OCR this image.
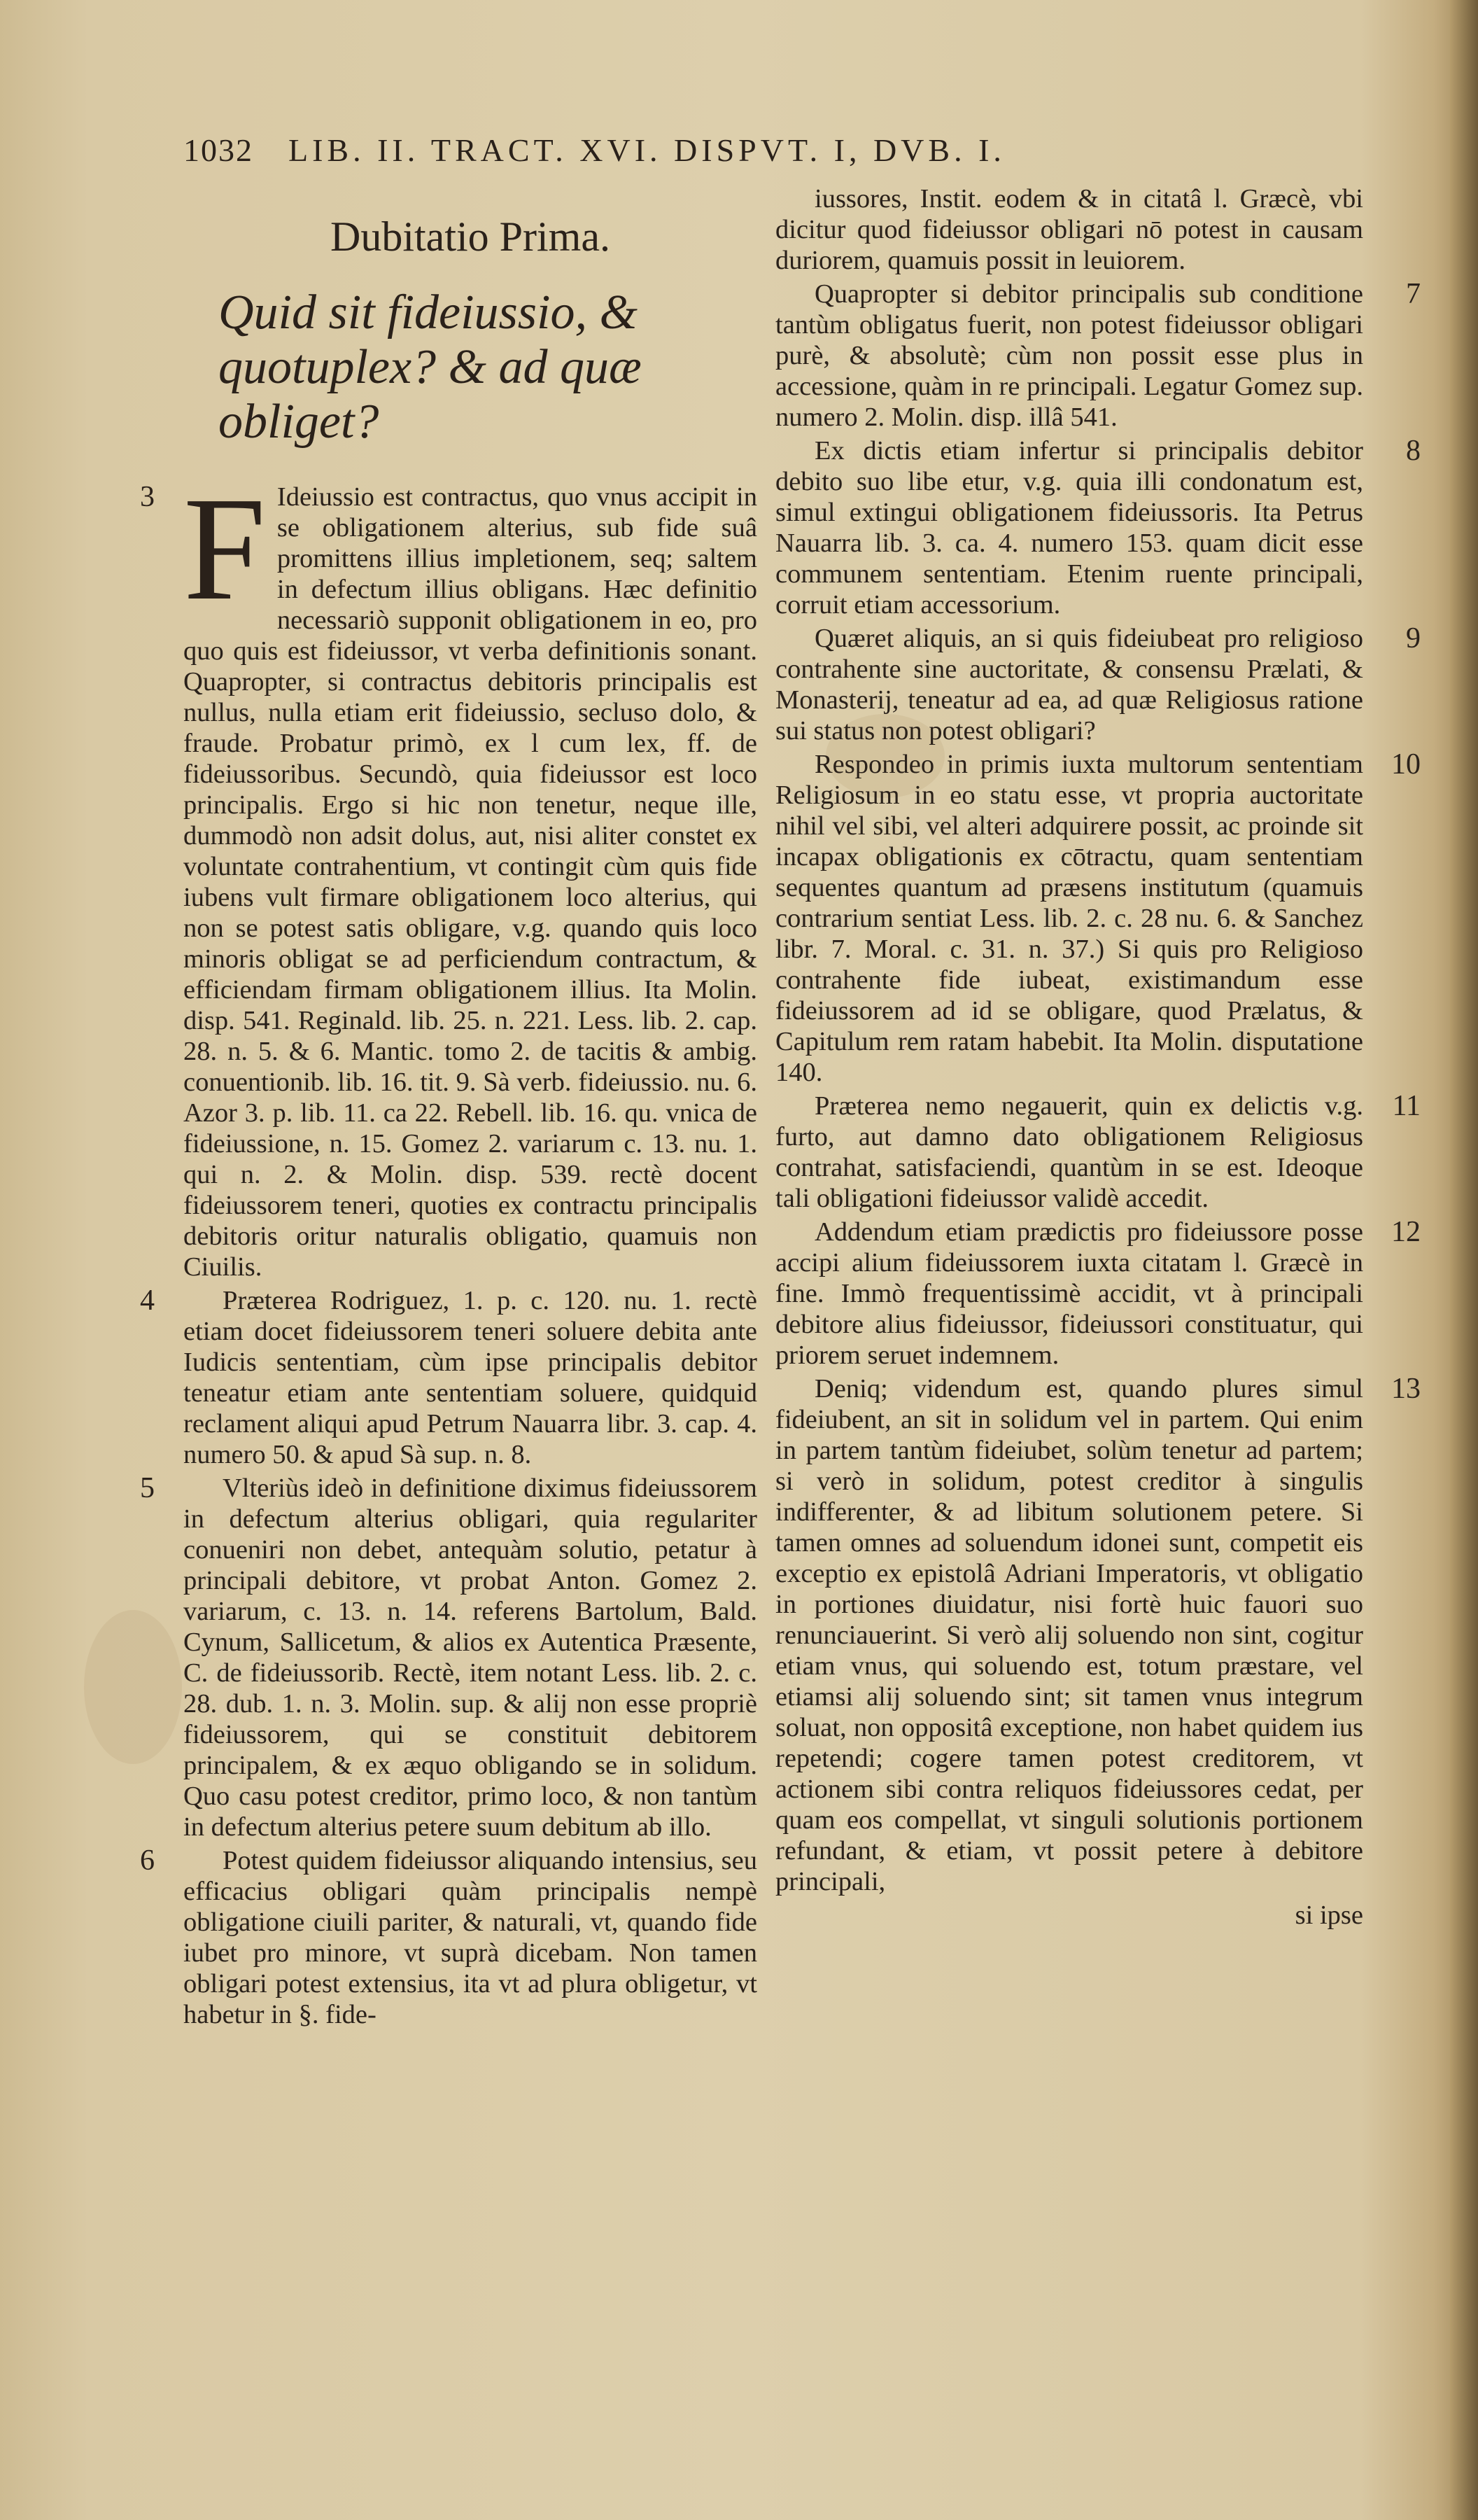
1032 LIB. II. TRACT. XVI. DISPVT. I, DVB. I.
Dubitatio Prima.
Quid sit fideiussio, & quotuplex? & ad quæ obliget?

3 F Ideiussio est contractus, quo vnus accipit in se obligationem alterius, sub fide suâ promittens illius impletionem, seq; saltem in defectum illius obligans. Hæc definitio necessariò supponit obligationem in eo, pro quo quis est fideiussor, vt verba definitionis sonant. Quapropter, si contractus debitoris principalis est nullus, nulla etiam erit fideiussio, secluso dolo, & fraude. Probatur primò, ex l cum lex, ff. de fideiussoribus. Secundò, quia fideiussor est loco principalis. Ergo si hic non tenetur, neque ille, dummodò non adsit dolus, aut, nisi aliter constet ex voluntate contrahentium, vt contingit cùm quis fide iubens vult firmare obligationem loco alterius, qui non se potest satis obligare, v.g. quando quis loco minoris obligat se ad perficiendum contractum, & efficiendam firmam obligationem illius. Ita Molin. disp. 541. Reginald. lib. 25. n. 221. Less. lib. 2. cap. 28. n. 5. & 6. Mantic. tomo 2. de tacitis & ambig. conuentionib. lib. 16. tit. 9. Sà verb. fideiussio. nu. 6. Azor 3. p. lib. 11. ca 22. Rebell. lib. 16. qu. vnica de fideiussione, n. 15. Gomez 2. variarum c. 13. nu. 1. qui n. 2. & Molin. disp. 539. rectè docent fideiussorem teneri, quoties ex contractu principalis debitoris oritur naturalis obligatio, quamuis non Ciuilis.

4	Præterea Rodriguez, 1. p. c. 120. nu. 1. rectè etiam docet fideiussorem teneri soluere debita ante Iudicis sententiam, cùm ipse principalis debitor teneatur etiam ante sententiam soluere, quidquid reclament aliqui apud Petrum Nauarra libr. 3. cap. 4. numero 50. & apud Sà sup. n. 8.

5	Vlteriùs ideò in definitione diximus fideiussorem in defectum alterius obligari, quia regulariter conueniri non debet, antequàm solutio, petatur à principali debitore, vt probat Anton. Gomez 2. variarum, c. 13. n. 14. referens Bartolum, Bald. Cynum, Sallicetum, & alios ex Autentica Præsente, C. de fideiussorib. Rectè, item notant Less. lib. 2. c. 28. dub. 1. n. 3. Molin. sup. & alij non esse propriè fideiussorem, qui se constituit debitorem principalem, & ex æquo obligando se in solidum. Quo casu potest creditor, primo loco, & non tantùm in defectum alterius petere suum debitum ab illo.

6	Potest quidem fideiussor aliquando intensius, seu efficacius obligari quàm principalis nempè obligatione ciuili pariter, & naturali, vt, quando fide iubet pro minore, vt suprà dicebam. Non tamen obligari potest extensius, ita vt ad plura obligetur, vt habetur in §. fide-

iussores, Instit. eodem & in citatâ l. Græcè, vbi dicitur quod fideiussor obligari nō potest in causam duriorem, quamuis possit in leuiorem.

7
Quapropter si debitor principalis sub conditione tantùm obligatus fuerit, non potest fideiussor obligari purè, & absolutè; cùm non possit esse plus in accessione, quàm in re principali. Legatur Gomez sup. numero 2. Molin. disp. illâ 541.

8
Ex dictis etiam infertur si principalis debitor debito suo libe etur, v.g. quia illi condonatum est, simul extingui obligationem fideiussoris. Ita Petrus Nauarra lib. 3. ca. 4. numero 153. quam dicit esse communem sententiam. Etenim ruente principali, corruit etiam accessorium.

9
Quæret aliquis, an si quis fideiubeat pro religioso contrahente sine auctoritate, & consensu Prælati, & Monasterij, teneatur ad ea, ad quæ Religiosus ratione sui status non potest obligari?

10
Respondeo in primis iuxta multorum sententiam Religiosum in eo statu esse, vt propria auctoritate nihil vel sibi, vel alteri adquirere possit, ac proinde sit incapax obligationis ex cōtractu, quam sententiam sequentes quantum ad præsens institutum (quamuis contrarium sentiat Less. lib. 2. c. 28 nu. 6. & Sanchez libr. 7. Moral. c. 31. n. 37.) Si quis pro Religioso contrahente fide iubeat, existimandum esse fideiussorem ad id se obligare, quod Prælatus, & Capitulum rem ratam habebit. Ita Molin. disputatione 140.

11
Præterea nemo negauerit, quin ex delictis v.g. furto, aut damno dato obligationem Religiosus contrahat, satisfaciendi, quantùm in se est. Ideoque tali obligationi fideiussor validè accedit.

12
Addendum etiam prædictis pro fideiussore posse accipi alium fideiussorem iuxta citatam l. Græcè in fine. Immò frequentissimè accidit, vt à principali debitore alius fideiussor, fideiussori constituatur, qui priorem seruet indemnem.

13
Deniq; videndum est, quando plures simul fideiubent, an sit in solidum vel in partem. Qui enim in partem tantùm fideiubet, solùm tenetur ad partem; si verò in solidum, potest creditor à singulis indifferenter, & ad libitum solutionem petere. Si tamen omnes ad soluendum idonei sunt, competit eis exceptio ex epistolâ Adriani Imperatoris, vt obligatio in portiones diuidatur, nisi fortè huic fauori suo renunciauerint. Si verò alij soluendo non sint, cogitur etiam vnus, qui soluendo est, totum præstare, vel etiamsi alij soluendo sint; sit tamen vnus integrum soluat, non oppositâ exceptione, non habet quidem ius repetendi; cogere tamen potest creditorem, vt actionem sibi contra reliquos fideiussores cedat, per quam eos compellat, vt singuli solutionis portionem refundant, & etiam, vt possit petere à debitore principali,

si ipse
